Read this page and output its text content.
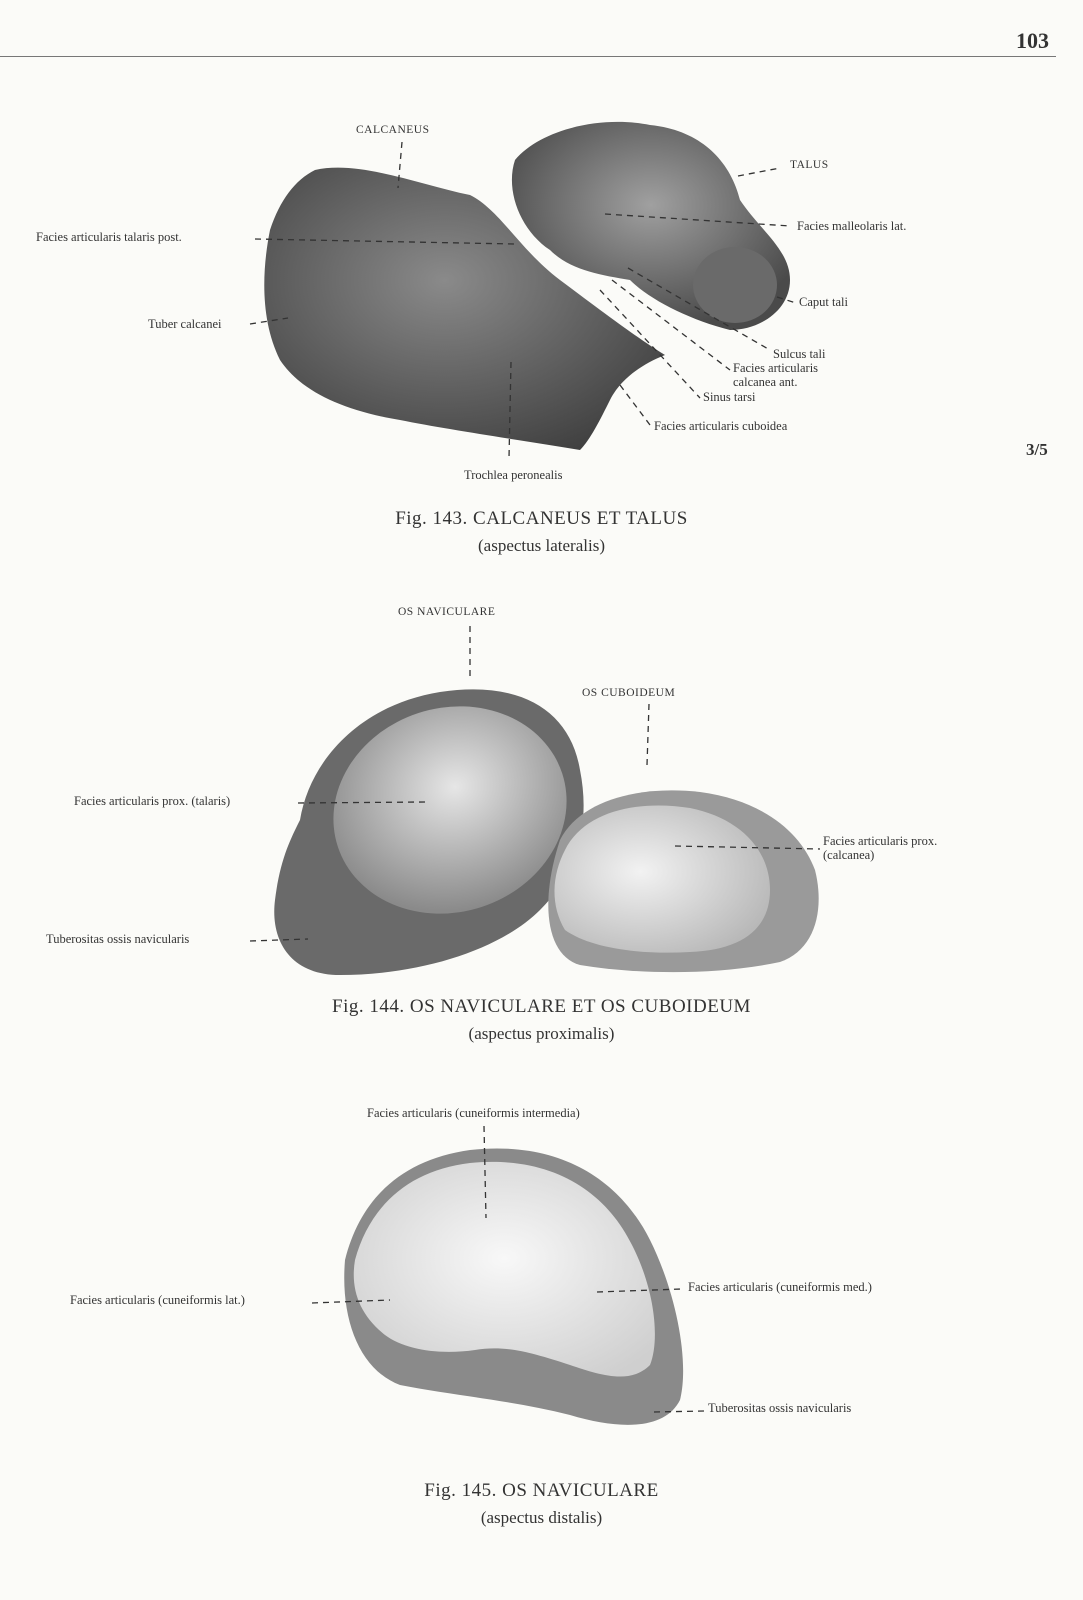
103
3/5
CALCANEUS
TALUS
Facies articularis talaris post.
Facies malleolaris lat.
Tuber calcanei
Caput tali
Sulcus tali
Facies articularis
calcanea ant.
Sinus tarsi
Facies articularis cuboidea
Trochlea peronealis
Fig. 143. CALCANEUS ET TALUS
(aspectus lateralis)
OS NAVICULARE
OS CUBOIDEUM
Facies articularis prox. (talaris)
Facies articularis prox.
(calcanea)
Tuberositas ossis navicularis
Fig. 144. OS NAVICULARE ET OS CUBOIDEUM
(aspectus proximalis)
Facies articularis (cuneiformis intermedia)
Facies articularis (cuneiformis lat.)
Facies articularis (cuneiformis med.)
Tuberositas ossis navicularis
Fig. 145. OS NAVICULARE
(aspectus distalis)
